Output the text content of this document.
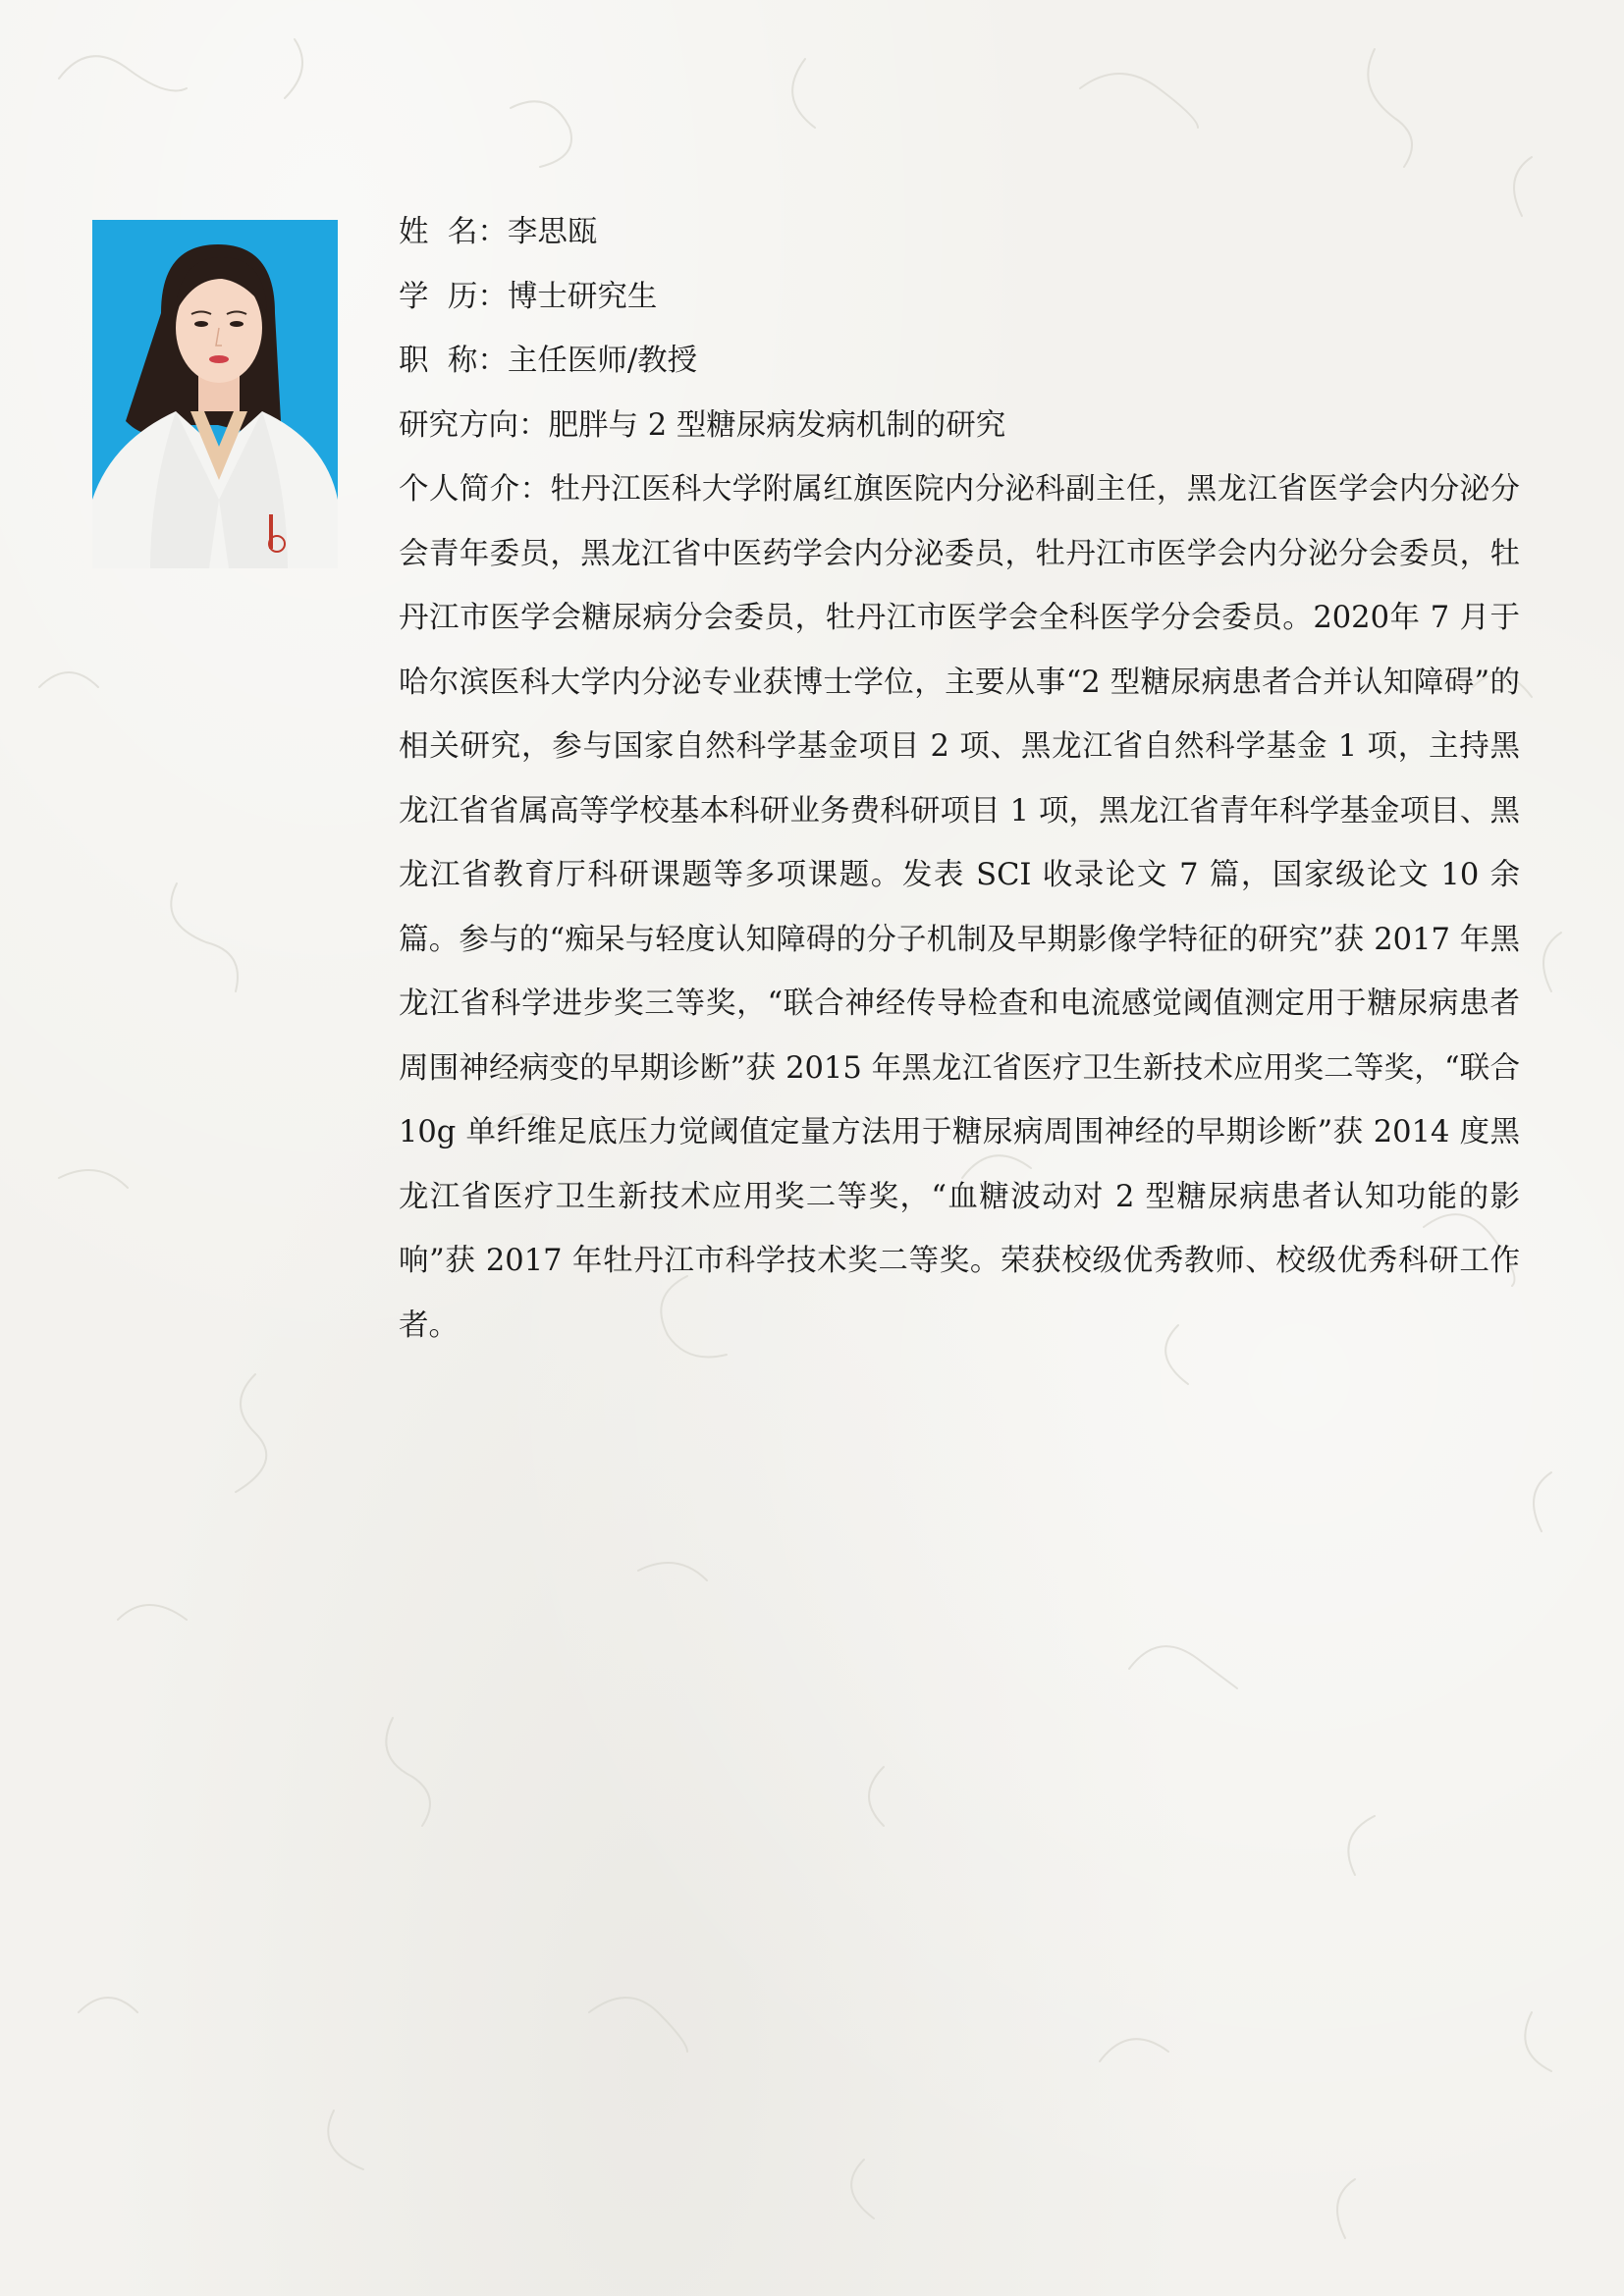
姓  名：李思瓯
学  历：博士研究生
职  称：主任医师/教授
研究方向：肥胖与 2 型糖尿病发病机制的研究
个人简介：牡丹江医科大学附属红旗医院内分泌科副主任，黑龙江省医学会内分泌分会青年委员，黑龙江省中医药学会内分泌委员，牡丹江市医学会内分泌分会委员，牡丹江市医学会糖尿病分会委员，牡丹江市医学会全科医学分会委员。2020年 7 月于哈尔滨医科大学内分泌专业获博士学位，主要从事“2 型糖尿病患者合并认知障碍”的相关研究，参与国家自然科学基金项目 2 项、黑龙江省自然科学基金 1 项，主持黑龙江省省属高等学校基本科研业务费科研项目 1 项，黑龙江省青年科学基金项目、黑龙江省教育厅科研课题等多项课题。发表 SCI 收录论文 7 篇，国家级论文 10 余篇。参与的“痴呆与轻度认知障碍的分子机制及早期影像学特征的研究”获 2017 年黑龙江省科学进步奖三等奖，“联合神经传导检查和电流感觉阈值测定用于糖尿病患者周围神经病变的早期诊断”获 2015 年黑龙江省医疗卫生新技术应用奖二等奖，“联合 10g 单纤维足底压力觉阈值定量方法用于糖尿病周围神经的早期诊断”获 2014 度黑龙江省医疗卫生新技术应用奖二等奖，“血糖波动对 2 型糖尿病患者认知功能的影响”获 2017 年牡丹江市科学技术奖二等奖。荣获校级优秀教师、校级优秀科研工作者。
